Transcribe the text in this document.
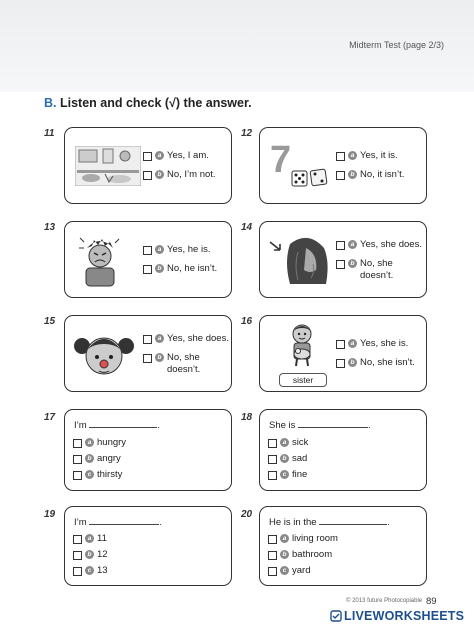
Midterm Test (page 2/3)
B. Listen and check (√) the answer.
11
a Yes, I am.
b No, I’m not.
12
7	a Yes, it is.
b No, it isn’t.
13
a Yes, he is.
b No, he isn’t.
14
a Yes, she does.
b No, she doesn’t.
15
a Yes, she does.
b No, she doesn’t.
16
sister
a Yes, she is.
b No, she isn’t.
17
I’m	.
a hungry
b angry
c thirsty
18
She is	.
a sick
b sad
c fine
19
I’m	.
a 11
b 12
c 13
20
He is in the	.
a living room
b bathroom
c yard
© 2013 future Photocopiable 89
LIVEWORKSHEETS
